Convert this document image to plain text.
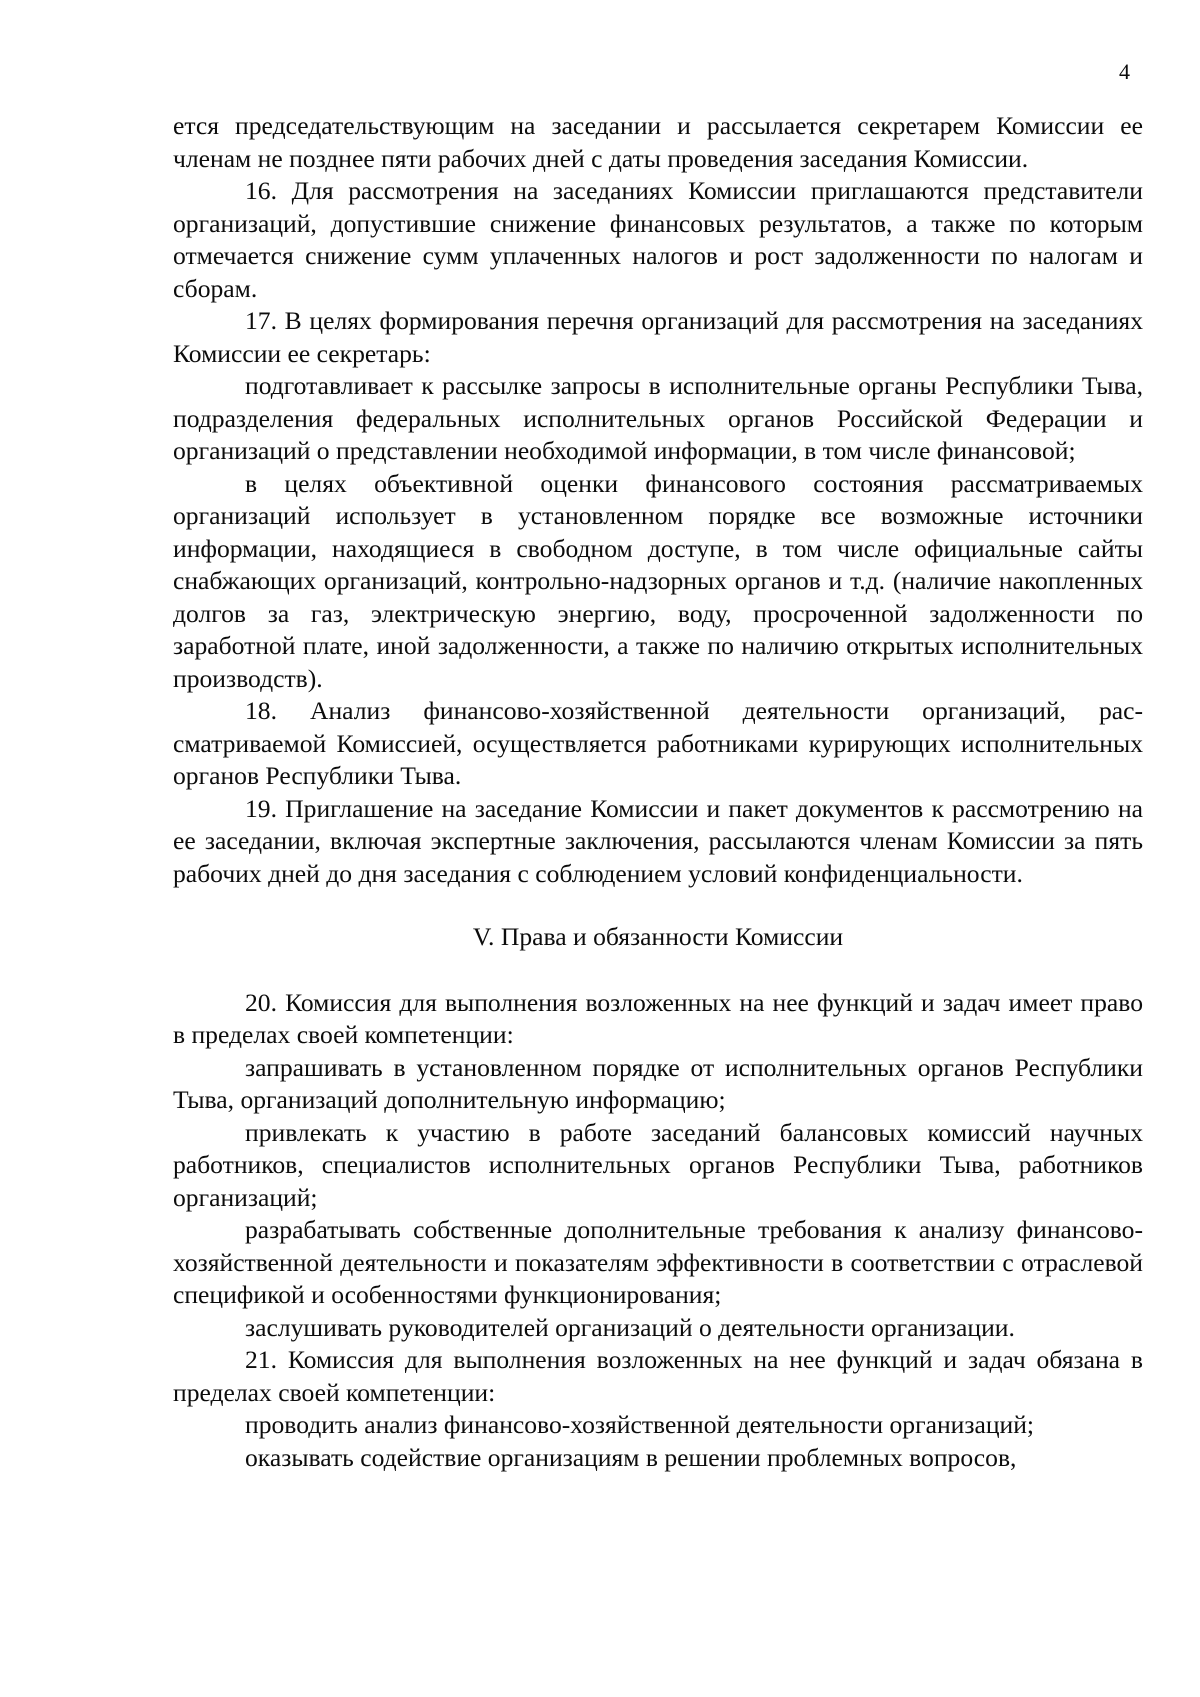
4

ется председательствующим на заседании и рассылается секретарем Комиссии ее членам не позднее пяти рабочих дней с даты проведения заседания Комиссии.

16. Для рассмотрения на заседаниях Комиссии приглашаются представители организаций, допустившие снижение финансовых результатов, а также по которым отмечается снижение сумм уплаченных налогов и рост задолженности по налогам и сборам.

17. В целях формирования перечня организаций для рассмотрения на заседаниях Комиссии ее секретарь:

подготавливает к рассылке запросы в исполнительные органы Республики Тыва, подразделения федеральных исполнительных органов Российской Федерации и организаций о представлении необходимой информации, в том числе финансовой;

в целях объективной оценки финансового состояния рассматриваемых организаций использует в установленном порядке все возможные источники информации, находящиеся в свободном доступе, в том числе официальные сайты снабжающих организаций, контрольно-надзорных органов и т.д. (наличие накопленных долгов за газ, электрическую энергию, воду, просроченной задолженности по заработной плате, иной задолженности, а также по наличию открытых исполнительных производств).

18. Анализ финансово-хозяйственной деятельности организаций, рассматриваемой Комиссией, осуществляется работниками курирующих исполнительных органов Республики Тыва.

19. Приглашение на заседание Комиссии и пакет документов к рассмотрению на ее заседании, включая экспертные заключения, рассылаются членам Комиссии за пять рабочих дней до дня заседания с соблюдением условий конфиденциальности.

V. Права и обязанности Комиссии

20. Комиссия для выполнения возложенных на нее функций и задач имеет право в пределах своей компетенции:

запрашивать в установленном порядке от исполнительных органов Республики Тыва, организаций дополнительную информацию;

привлекать к участию в работе заседаний балансовых комиссий научных работников, специалистов исполнительных органов Республики Тыва, работников организаций;

разрабатывать собственные дополнительные требования к анализу финансово-хозяйственной деятельности и показателям эффективности в соответствии с отраслевой спецификой и особенностями функционирования;

заслушивать руководителей организаций о деятельности организации.

21. Комиссия для выполнения возложенных на нее функций и задач обязана в пределах своей компетенции:

проводить анализ финансово-хозяйственной деятельности организаций;

оказывать содействие организациям в решении проблемных вопросов,
